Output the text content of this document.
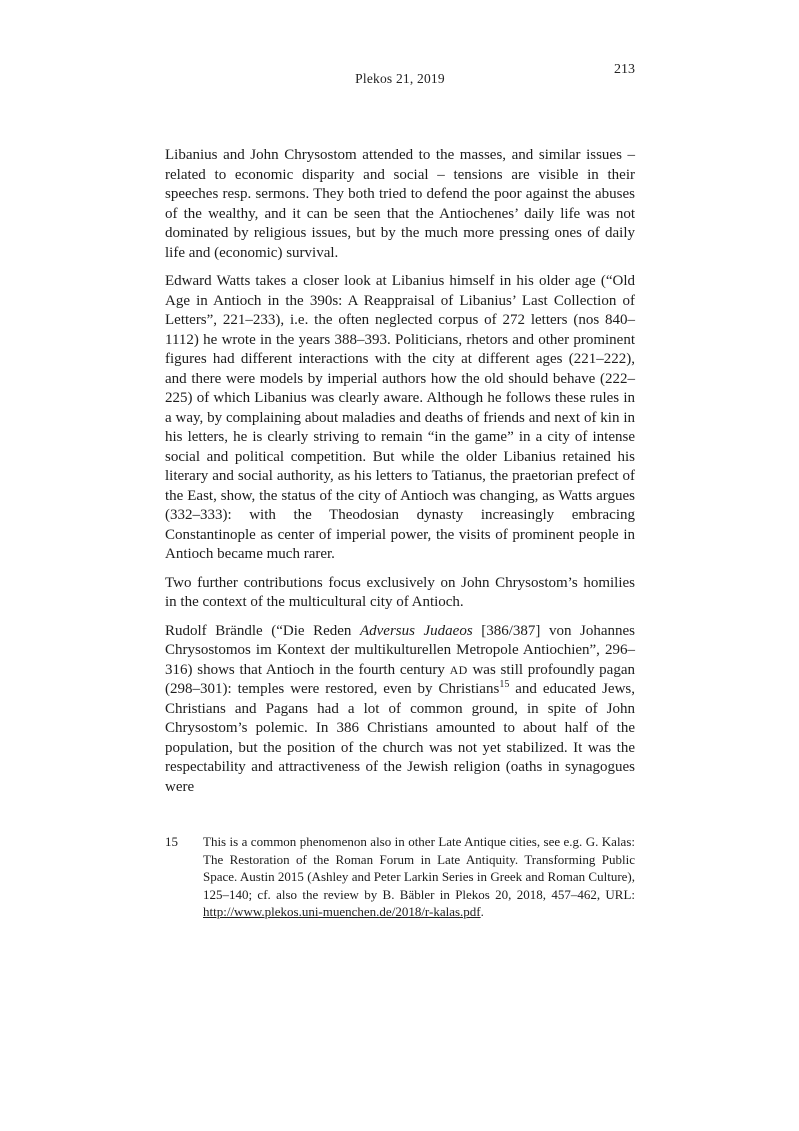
Plekos 21, 2019
213

Libanius and John Chrysostom attended to the masses, and similar issues – related to economic disparity and social – tensions are visible in their speeches resp. sermons. They both tried to defend the poor against the abuses of the wealthy, and it can be seen that the Antiochenes’ daily life was not dominated by religious issues, but by the much more pressing ones of daily life and (economic) survival.

Edward Watts takes a closer look at Libanius himself in his older age (“Old Age in Antioch in the 390s: A Reappraisal of Libanius’ Last Collection of Letters”, 221–233), i.e. the often neglected corpus of 272 letters (nos 840–1112) he wrote in the years 388–393. Politicians, rhetors and other prominent figures had different interactions with the city at different ages (221–222), and there were models by imperial authors how the old should behave (222–225) of which Libanius was clearly aware. Although he follows these rules in a way, by complaining about maladies and deaths of friends and next of kin in his letters, he is clearly striving to remain “in the game” in a city of intense social and political competition. But while the older Libanius retained his literary and social authority, as his letters to Tatianus, the praetorian prefect of the East, show, the status of the city of Antioch was changing, as Watts argues (332–333): with the Theodosian dynasty increasingly embracing Constantinople as center of imperial power, the visits of prominent people in Antioch became much rarer.

Two further contributions focus exclusively on John Chrysostom’s homilies in the context of the multicultural city of Antioch.

Rudolf Brändle (“Die Reden Adversus Judaeos [386/387] von Johannes Chrysostomos im Kontext der multikulturellen Metropole Antiochien”, 296–316) shows that Antioch in the fourth century AD was still profoundly pagan (298–301): temples were restored, even by Christians$^{15}$ and educated Jews, Christians and Pagans had a lot of common ground, in spite of John Chrysostom’s polemic. In 386 Christians amounted to about half of the population, but the position of the church was not yet stabilized. It was the respectability and attractiveness of the Jewish religion (oaths in synagogues were

15	This is a common phenomenon also in other Late Antique cities, see e.g. G. Kalas: The Restoration of the Roman Forum in Late Antiquity. Transforming Public Space. Austin 2015 (Ashley and Peter Larkin Series in Greek and Roman Culture), 125–140; cf. also the review by B. Bäbler in Plekos 20, 2018, 457–462, URL: http://www.plekos.uni-muenchen.de/2018/r-kalas.pdf.
